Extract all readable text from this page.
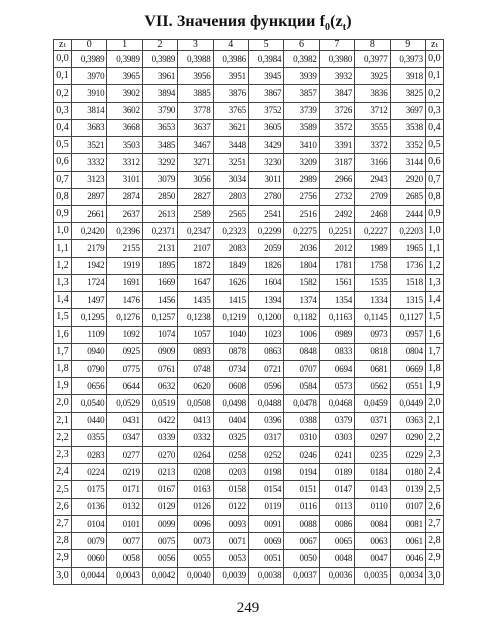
VII. Значения функции $f_0(z_t)$
zₜ	0	1	2	3	4	5	6	7	8	9	zₜ
0,0	0,3989	0,3989	0,3989	0,3988	0,3986	0,3984	0,3982	0,3980	0,3977	0,3973	0,0
0,1	3970	3965	3961	3956	3951	3945	3939	3932	3925	3918	0,1
0,2	3910	3902	3894	3885	3876	3867	3857	3847	3836	3825	0,2
0,3	3814	3602	3790	3778	3765	3752	3739	3726	3712	3697	0,3
0,4	3683	3668	3653	3637	3621	3605	3589	3572	3555	3538	0,4
0,5	3521	3503	3485	3467	3448	3429	3410	3391	3372	3352	0,5
0,6	3332	3312	3292	3271	3251	3230	3209	3187	3166	3144	0,6
0,7	3123	3101	3079	3056	3034	3011	2989	2966	2943	2920	0,7
0,8	2897	2874	2850	2827	2803	2780	2756	2732	2709	2685	0,8
0,9	2661	2637	2613	2589	2565	2541	2516	2492	2468	2444	0,9
1,0	0,2420	0,2396	0,2371	0,2347	0,2323	0,2299	0,2275	0,2251	0,2227	0,2203	1,0
1,1	2179	2155	2131	2107	2083	2059	2036	2012	1989	1965	1,1
1,2	1942	1919	1895	1872	1849	1826	1804	1781	1758	1736	1,2
1,3	1724	1691	1669	1647	1626	1604	1582	1561	1535	1518	1,3
1,4	1497	1476	1456	1435	1415	1394	1374	1354	1334	1315	1,4
1,5	0,1295	0,1276	0,1257	0,1238	0,1219	0,1200	0,1182	0,1163	0,1145	0,1127	1,5
1,6	1109	1092	1074	1057	1040	1023	1006	0989	0973	0957	1,6
1,7	0940	0925	0909	0893	0878	0863	0848	0833	0818	0804	1,7
1,8	0790	0775	0761	0748	0734	0721	0707	0694	0681	0669	1,8
1,9	0656	0644	0632	0620	0608	0596	0584	0573	0562	0551	1,9
2,0	0,0540	0,0529	0,0519	0,0508	0,0498	0,0488	0,0478	0,0468	0,0459	0,0449	2,0
2,1	0440	0431	0422	0413	0404	0396	0388	0379	0371	0363	2,1
2,2	0355	0347	0339	0332	0325	0317	0310	0303	0297	0290	2,2
2,3	0283	0277	0270	0264	0258	0252	0246	0241	0235	0229	2,3
2,4	0224	0219	0213	0208	0203	0198	0194	0189	0184	0180	2,4
2,5	0175	0171	0167	0163	0158	0154	0151	0147	0143	0139	2,5
2,6	0136	0132	0129	0126	0122	0119	0116	0113	0110	0107	2,6
2,7	0104	0101	0099	0096	0093	0091	0088	0086	0084	0081	2,7
2,8	0079	0077	0075	0073	0071	0069	0067	0065	0063	0061	2,8
2,9	0060	0058	0056	0055	0053	0051	0050	0048	0047	0046	2,9
3,0	0,0044	0,0043	0,0042	0,0040	0,0039	0,0038	0,0037	0,0036	0,0035	0,0034	3,0
249
